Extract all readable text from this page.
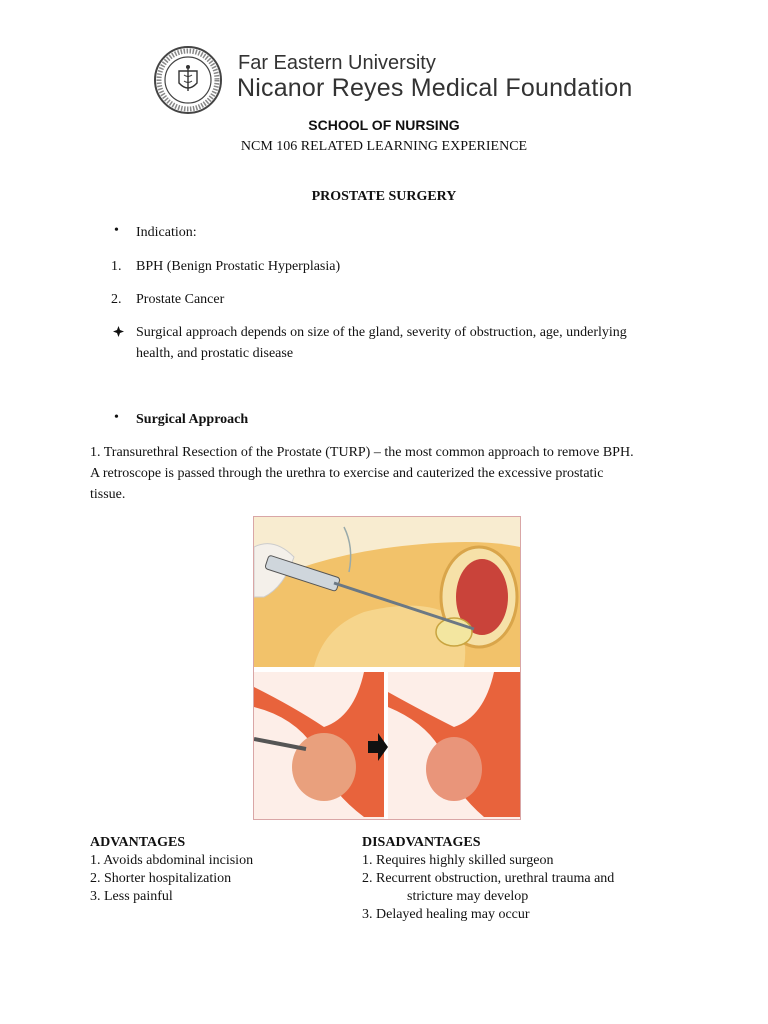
Far Eastern University
Nicanor Reyes Medical Foundation
SCHOOL OF NURSING
NCM 106 RELATED LEARNING EXPERIENCE
PROSTATE SURGERY
• Indication:
1. BPH (Benign Prostatic Hyperplasia)
2. Prostate Cancer
Surgical approach depends on size of the gland, severity of obstruction, age, underlying
health, and prostatic disease
• Surgical Approach
1. Transurethral Resection of the Prostate (TURP) – the most common approach to remove BPH.
A retroscope is passed through the urethra to exercise and cauterized the excessive prostatic
tissue.
ADVANTAGES
1. Avoids abdominal incision
2. Shorter hospitalization
3. Less painful
DISADVANTAGES
1. Requires highly skilled surgeon
2. Recurrent obstruction, urethral trauma and
stricture may develop
3. Delayed healing may occur
